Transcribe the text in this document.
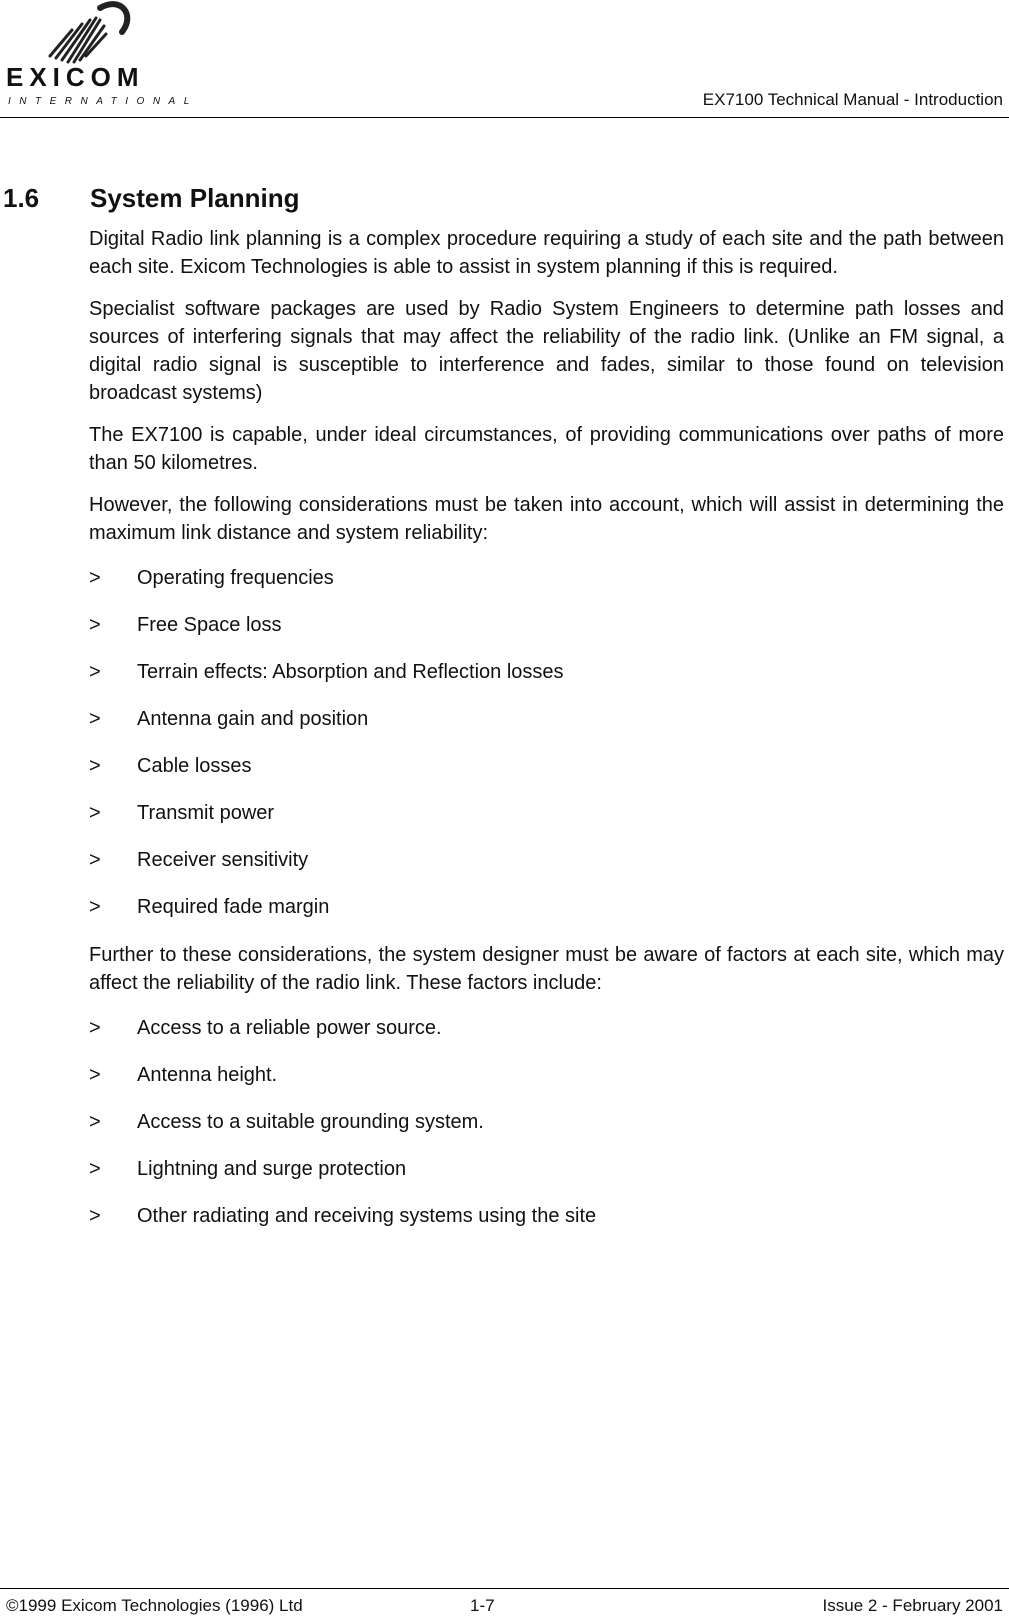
EXICOM
INTERNATIONAL	EX7100 Technical Manual - Introduction
1.6 System Planning

Digital Radio link planning is a complex procedure requiring a study of each site and the path between each site. Exicom Technologies is able to assist in system planning if this is required.

Specialist software packages are used by Radio System Engineers to determine path losses and sources of interfering signals that may affect the reliability of the radio link. (Unlike an FM signal, a digital radio signal is susceptible to interference and fades, similar to those found on television broadcast systems)

The EX7100 is capable, under ideal circumstances, of providing communications over paths of more than 50 kilometres.

However, the following considerations must be taken into account, which will assist in determining the maximum link distance and system reliability:

>	Operating frequencies
>	Free Space loss
>	Terrain effects: Absorption and Reflection losses
>	Antenna gain and position
>	Cable losses
>	Transmit power
>	Receiver sensitivity
>	Required fade margin

Further to these considerations, the system designer must be aware of factors at each site, which may affect the reliability of the radio link. These factors include:

>	Access to a reliable power source.
>	Antenna height.
>	Access to a suitable grounding system.
>	Lightning and surge protection
>	Other radiating and receiving systems using the site
©1999 Exicom Technologies (1996) Ltd	1-7	Issue 2 - February 2001
